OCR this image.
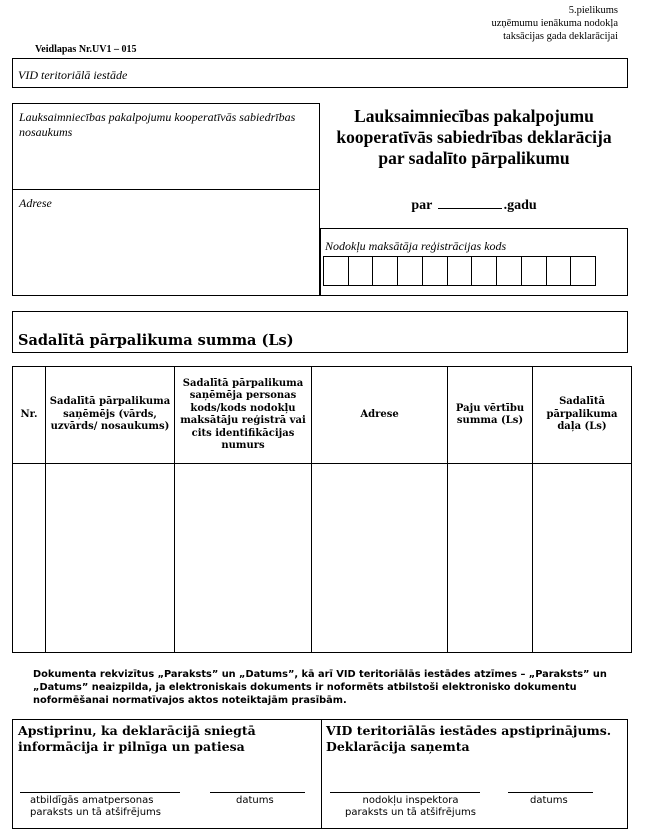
5.pielikums
uzņēmumu ienākuma nodokļa
taksācijas gada deklarācijai
Veidlapas Nr.UV1 – 015
VID teritoriālā iestāde
Lauksaimniecības pakalpojumu kooperatīvās sabiedrības nosaukums
Adrese
Lauksaimniecības pakalpojumu
kooperatīvās sabiedrības deklarācija
par sadalīto pārpalikumu
par	.gadu
Nodokļu maksātāja reģistrācijas kods
Sadalītā pārpalikuma summa (Ls)
Nr.	Sadalītā pārpalikuma saņēmējs (vārds, uzvārds/ nosaukums)	Sadalītā pārpalikuma saņēmēja personas kods/kods nodokļu maksātāju reģistrā vai cits identifikācijas numurs	Adrese	Paju vērtību summa (Ls)	Sadalītā pārpalikuma daļa (Ls)

Dokumenta rekvizītus „Paraksts” un „Datums”, kā arī VID teritoriālās iestādes atzīmes – „Paraksts” un „Datums” neaizpilda, ja elektroniskais dokuments ir noformēts atbilstoši elektronisko dokumentu noformēšanai normatīvajos aktos noteiktajām prasībām.
Apstiprinu, ka deklarācijā sniegtā informācija ir pilnīga un patiesa
atbildīgās amatpersonas
paraksts un tā atšifrējums
datums
VID teritoriālās iestādes apstiprinājums. Deklarācija saņemta
nodokļu inspektora
paraksts un tā atšifrējums
datums
